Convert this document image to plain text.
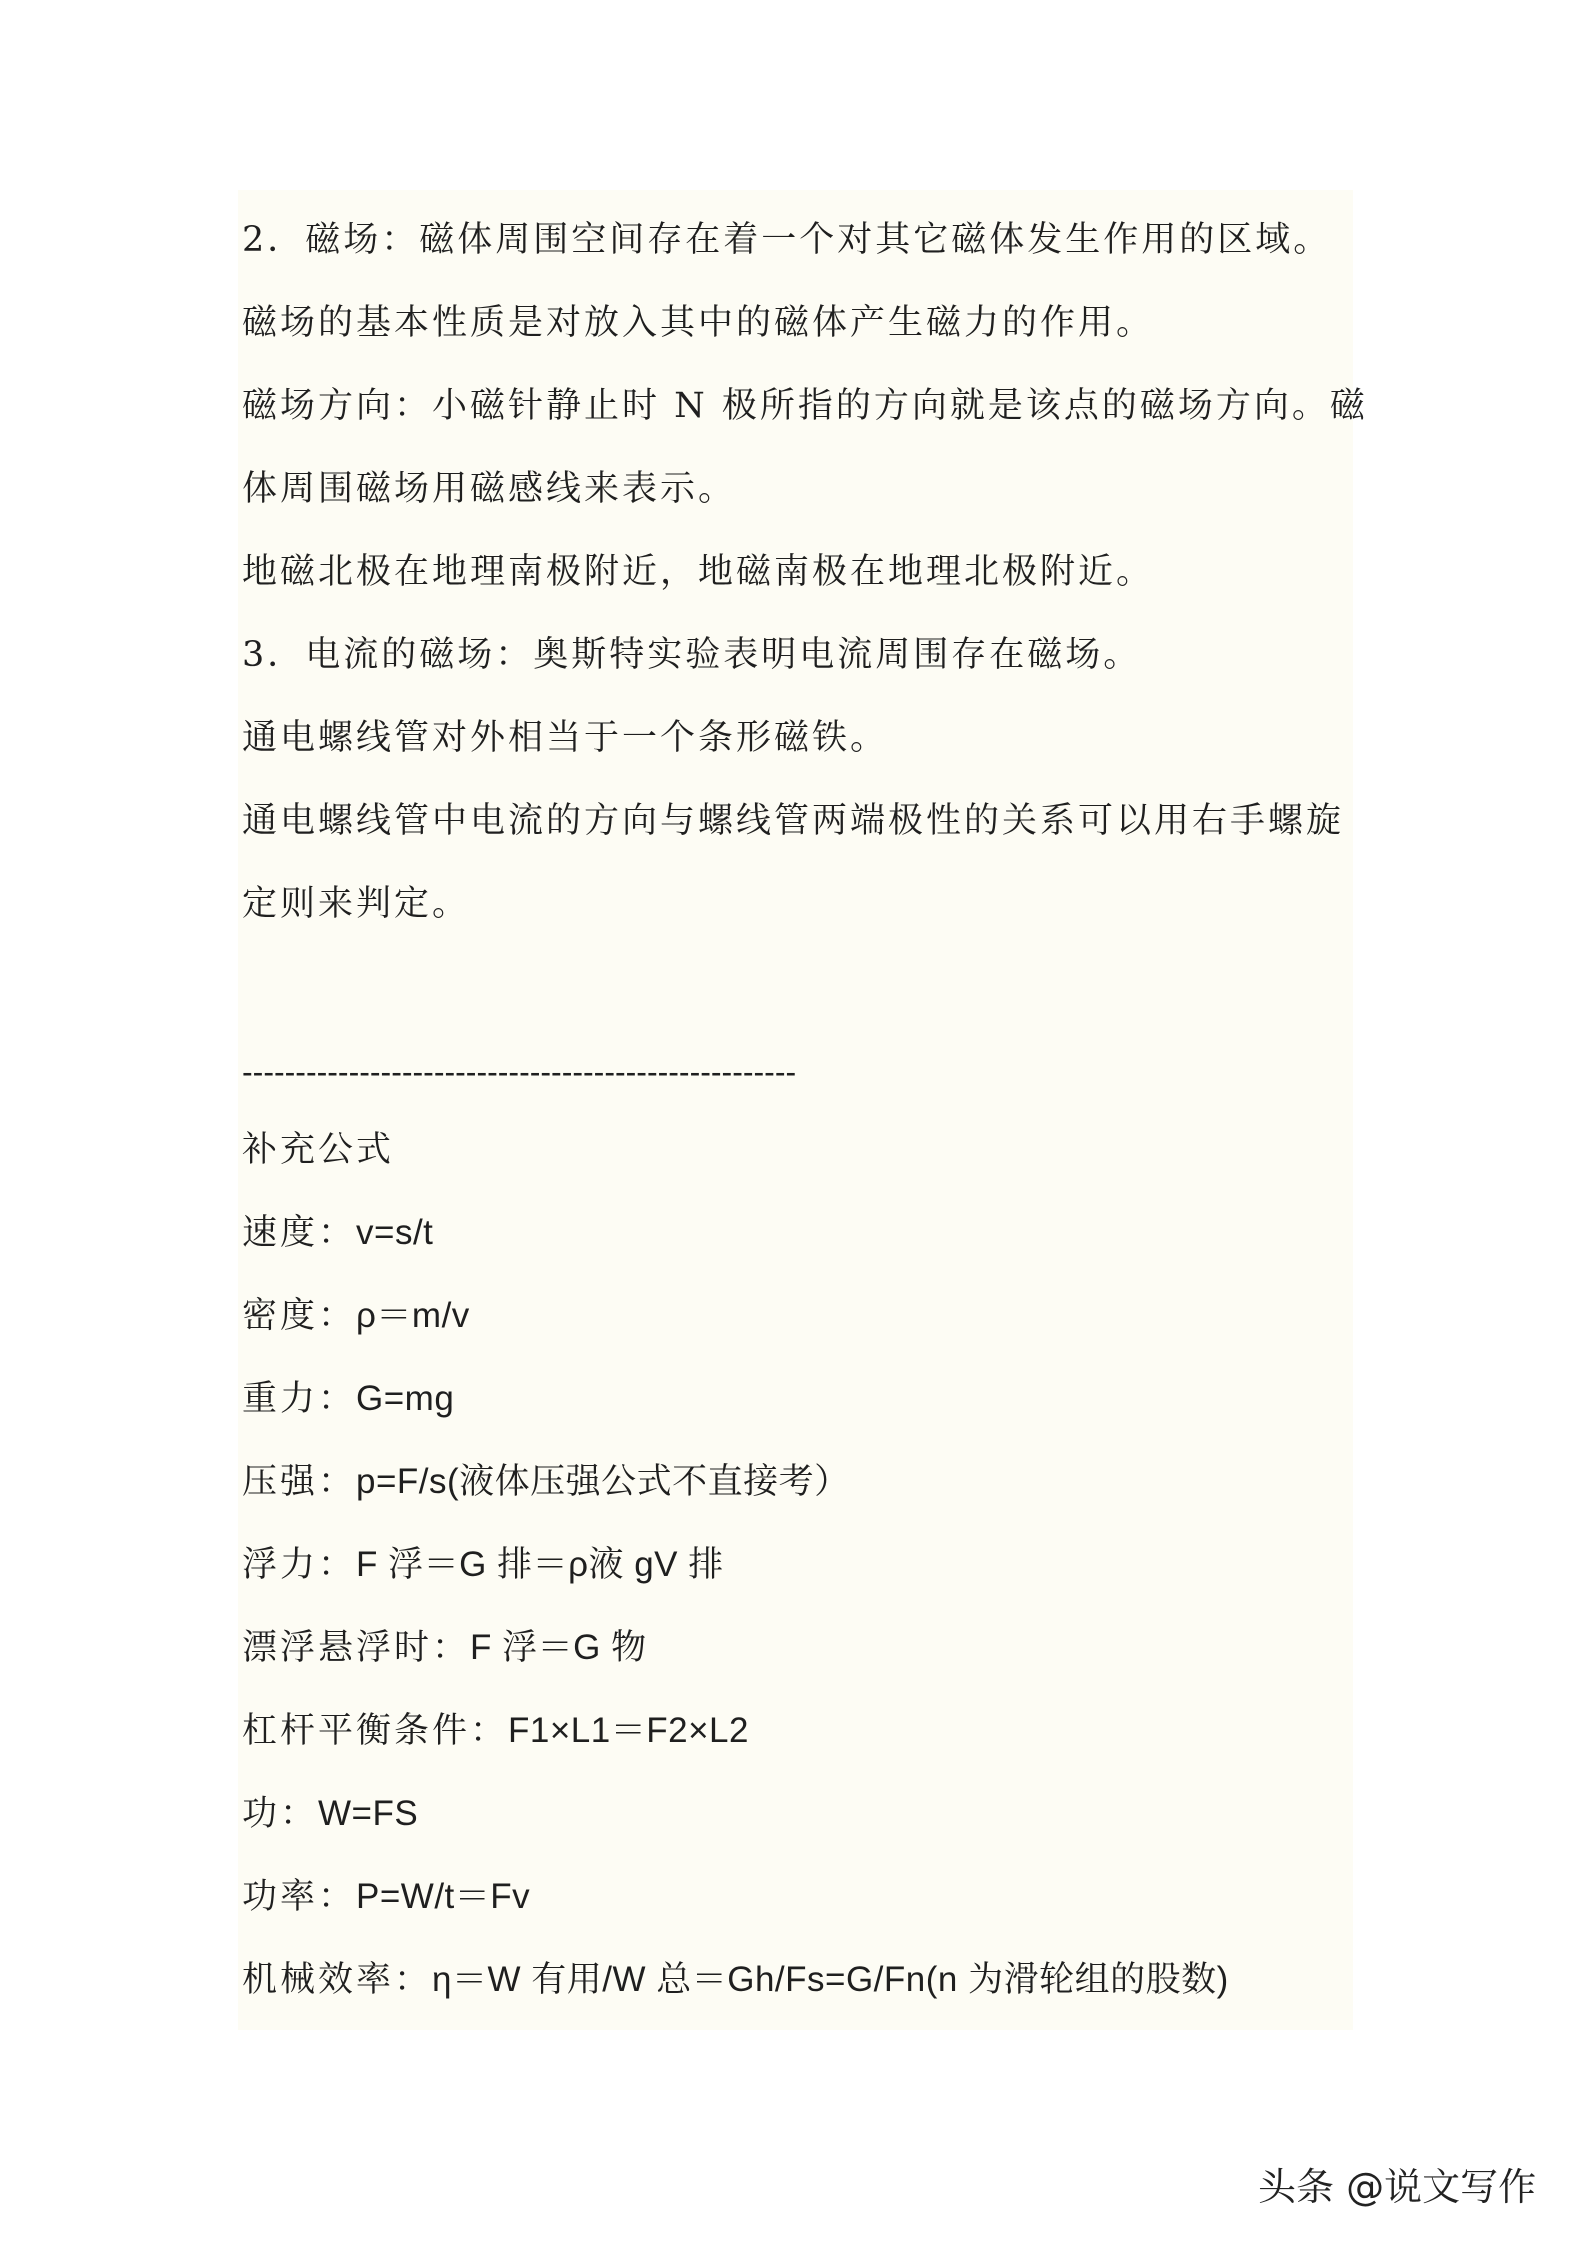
2．磁场：磁体周围空间存在着一个对其它磁体发生作用的区域。
磁场的基本性质是对放入其中的磁体产生磁力的作用。
磁场方向：小磁针静止时 N 极所指的方向就是该点的磁场方向。磁
体周围磁场用磁感线来表示。
地磁北极在地理南极附近，地磁南极在地理北极附近。
3．电流的磁场：奥斯特实验表明电流周围存在磁场。
通电螺线管对外相当于一个条形磁铁。
通电螺线管中电流的方向与螺线管两端极性的关系可以用右手螺旋
定则来判定。
----------------------------------------------------
补充公式
速度：v=s/t
密度：ρ＝m/v
重力：G=mg
压强：p=F/s(液体压强公式不直接考）
浮力：F 浮＝G 排＝ρ液 gV 排
漂浮悬浮时：F 浮＝G 物
杠杆平衡条件：F1×L1＝F2×L2
功：W=FS
功率：P=W/t＝Fv
机械效率：η＝W 有用/W 总＝Gh/Fs=G/Fn(n 为滑轮组的股数)
头条 @说文写作
